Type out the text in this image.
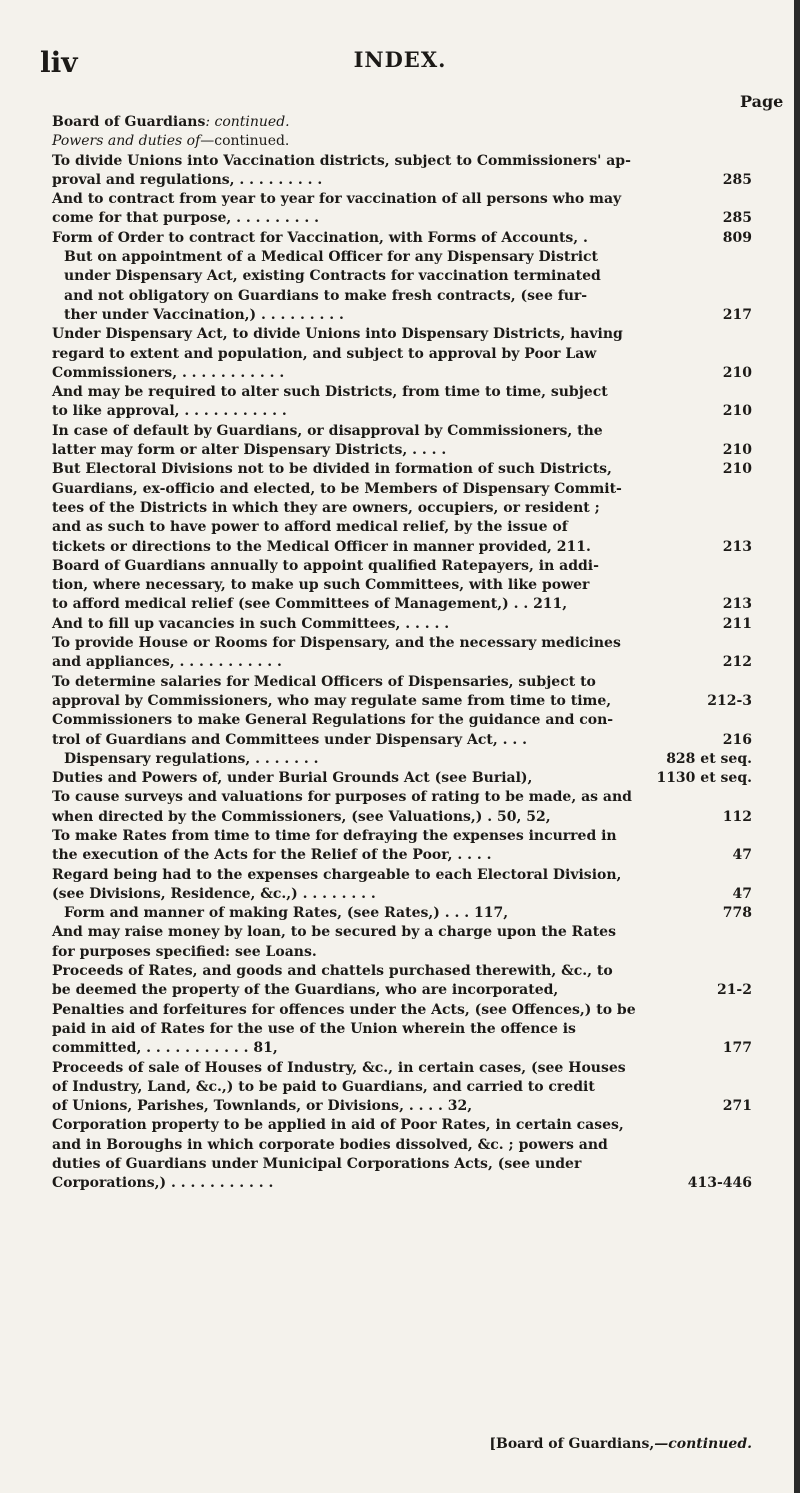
liv	INDEX.
Page
Board of Guardians: continued.
Powers and duties of—continued.
To divide Unions into Vaccination districts, subject to Commissioners' ap-
285
proval and regulations, . . . . . . . . .
And to contract from year to year for vaccination of all persons who may
285
come for that purpose, . . . . . . . . .
809
Form of Order to contract for Vaccination, with Forms of Accounts, .
But on appointment of a Medical Officer for any Dispensary District
under Dispensary Act, existing Contracts for vaccination terminated
and not obligatory on Guardians to make fresh contracts, (see fur-
217
ther under Vaccination,) . . . . . . . . .
Under Dispensary Act, to divide Unions into Dispensary Districts, having
regard to extent and population, and subject to approval by Poor Law
210
Commissioners, . . . . . . . . . . .
And may be required to alter such Districts, from time to time, subject
210
to like approval, . . . . . . . . . . .
In case of default by Guardians, or disapproval by Commissioners, the
210
latter may form or alter Dispensary Districts, . . . .
210
But Electoral Divisions not to be divided in formation of such Districts,
Guardians, ex-officio and elected, to be Members of Dispensary Commit-
tees of the Districts in which they are owners, occupiers, or resident ;
and as such to have power to afford medical relief, by the issue of
213
tickets or directions to the Medical Officer in manner provided, 211.
Board of Guardians annually to appoint qualified Ratepayers, in addi-
tion, where necessary, to make up such Committees, with like power
213
to afford medical relief (see Committees of Management,) . . 211,
211
And to fill up vacancies in such Committees, . . . . .
To provide House or Rooms for Dispensary, and the necessary medicines
212
and appliances, . . . . . . . . . . .
To determine salaries for Medical Officers of Dispensaries, subject to
212-3
approval by Commissioners, who may regulate same from time to time,
Commissioners to make General Regulations for the guidance and con-
216
trol of Guardians and Committees under Dispensary Act, . . .
828 et seq.
Dispensary regulations, . . . . . . .
1130 et seq.
Duties and Powers of, under Burial Grounds Act (see Burial),
To cause surveys and valuations for purposes of rating to be made, as and
112
when directed by the Commissioners, (see Valuations,) . 50, 52,
To make Rates from time to time for defraying the expenses incurred in
47
the execution of the Acts for the Relief of the Poor, . . . .
Regard being had to the expenses chargeable to each Electoral Division,
47
(see Divisions, Residence, &c.,) . . . . . . . .
778
Form and manner of making Rates, (see Rates,) . . . 117,
And may raise money by loan, to be secured by a charge upon the Rates
for purposes specified: see Loans.
Proceeds of Rates, and goods and chattels purchased therewith, &c., to
21-2
be deemed the property of the Guardians, who are incorporated,
Penalties and forfeitures for offences under the Acts, (see Offences,) to be
paid in aid of Rates for the use of the Union wherein the offence is
177
committed, . . . . . . . . . . . 81,
Proceeds of sale of Houses of Industry, &c., in certain cases, (see Houses
of Industry, Land, &c.,) to be paid to Guardians, and carried to credit
271
of Unions, Parishes, Townlands, or Divisions, . . . . 32,
Corporation property to be applied in aid of Poor Rates, in certain cases,
and in Boroughs in which corporate bodies dissolved, &c. ; powers and
duties of Guardians under Municipal Corporations Acts, (see under
413-446
Corporations,) . . . . . . . . . . .
[Board of Guardians,—continued.
